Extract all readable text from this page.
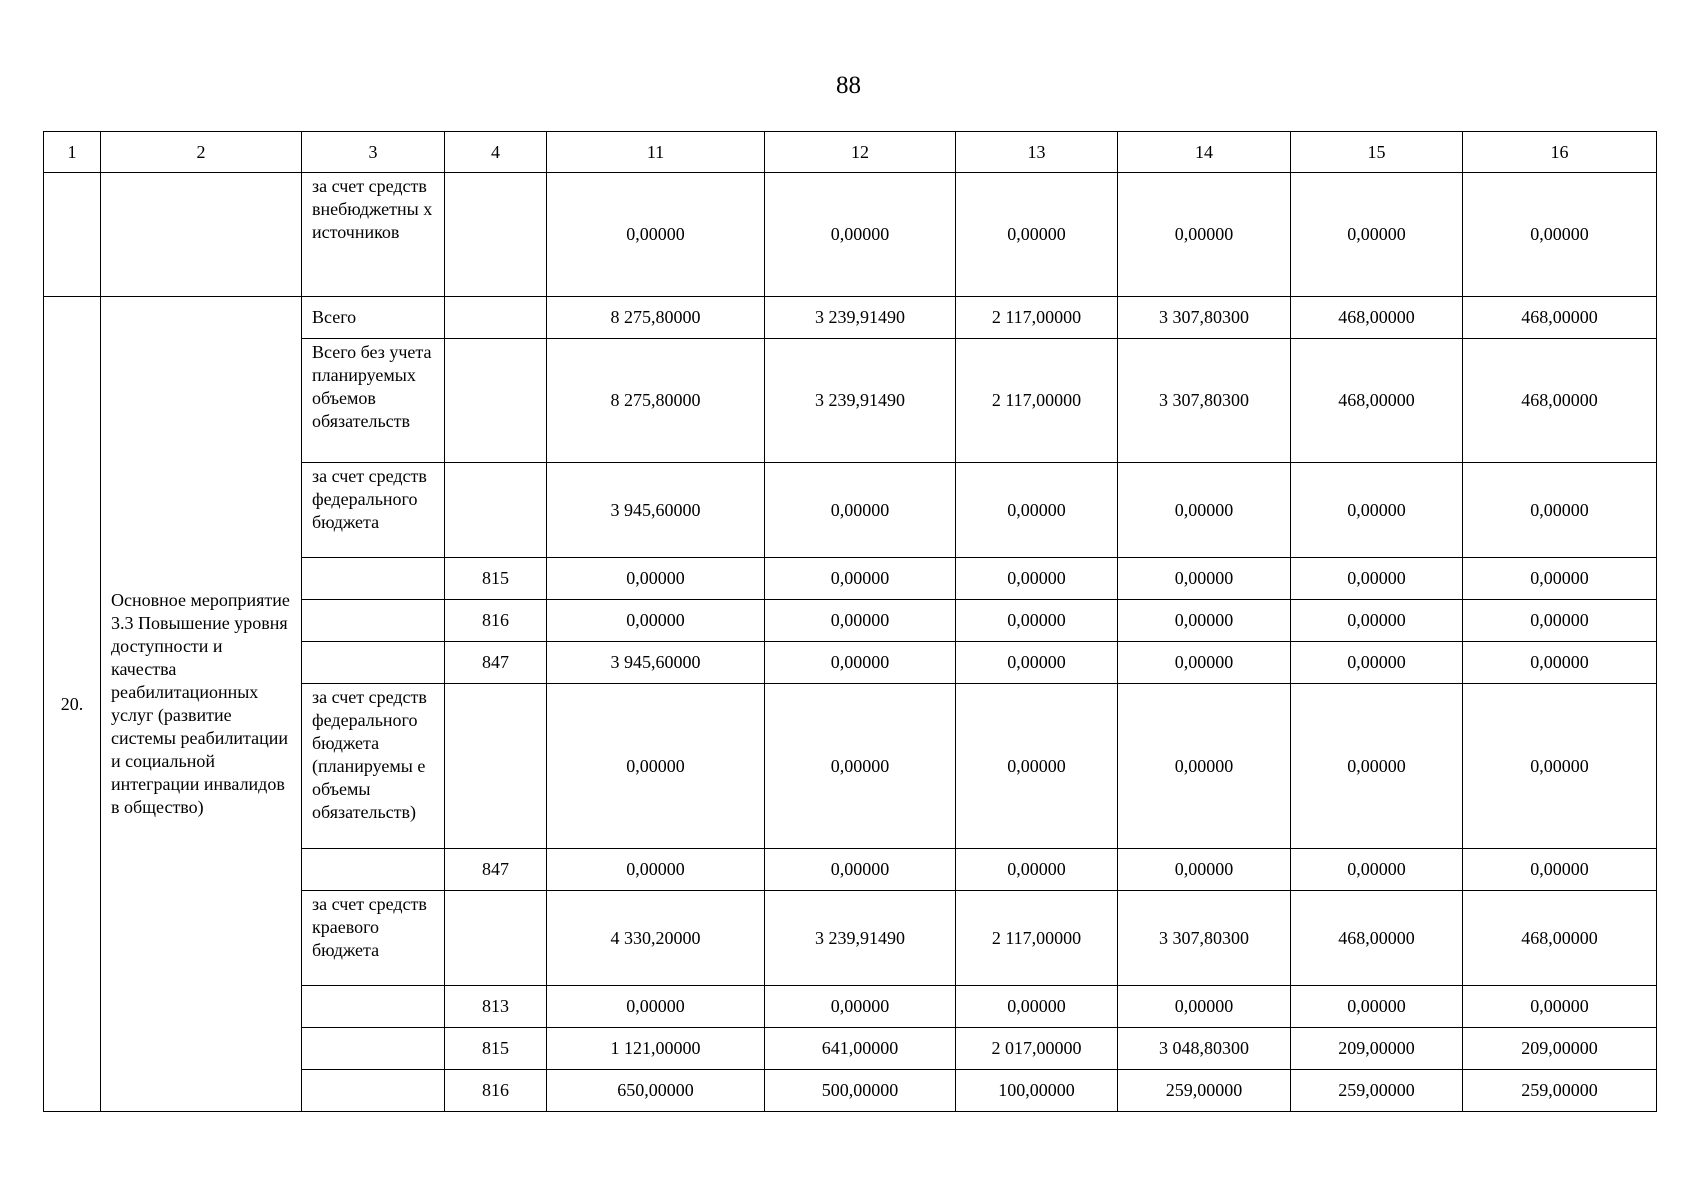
88
1	2	3	4	11	12	13	14	15	16
		за счет средств внебюджетны х источников		0,00000	0,00000	0,00000	0,00000	0,00000	0,00000
20.	Основное мероприятие 3.3 Повышение уровня доступности и качества реабилитационных услуг (развитие системы реабилитации и социальной интеграции инвалидов в общество)	Всего		8 275,80000	3 239,91490	2 117,00000	3 307,80300	468,00000	468,00000
		Всего без учета планируемых объемов обязательств		8 275,80000	3 239,91490	2 117,00000	3 307,80300	468,00000	468,00000
		за счет средств федерального бюджета		3 945,60000	0,00000	0,00000	0,00000	0,00000	0,00000
			815	0,00000	0,00000	0,00000	0,00000	0,00000	0,00000
			816	0,00000	0,00000	0,00000	0,00000	0,00000	0,00000
			847	3 945,60000	0,00000	0,00000	0,00000	0,00000	0,00000
		за счет средств федерального бюджета (планируемы е объемы обязательств)		0,00000	0,00000	0,00000	0,00000	0,00000	0,00000
			847	0,00000	0,00000	0,00000	0,00000	0,00000	0,00000
		за счет средств краевого бюджета		4 330,20000	3 239,91490	2 117,00000	3 307,80300	468,00000	468,00000
			813	0,00000	0,00000	0,00000	0,00000	0,00000	0,00000
			815	1 121,00000	641,00000	2 017,00000	3 048,80300	209,00000	209,00000
			816	650,00000	500,00000	100,00000	259,00000	259,00000	259,00000
